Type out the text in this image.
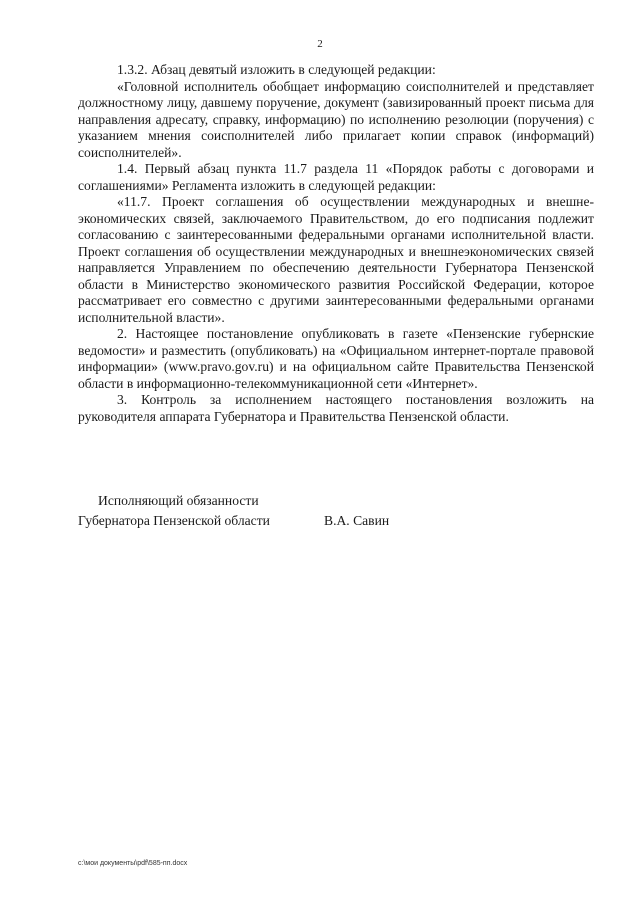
2

1.3.2. Абзац девятый изложить в следующей редакции:

«Головной исполнитель обобщает информацию соисполнителей и представляет должностному лицу, давшему поручение, документ (завизированный проект письма для направления адресату, справку, информацию) по исполнению резолюции (поручения) с указанием мнения соисполнителей либо прилагает копии справок (информаций) соисполнителей».

1.4. Первый абзац пункта 11.7 раздела 11 «Порядок работы с договорами и соглашениями» Регламента изложить в следующей редакции:

«11.7. Проект соглашения об осуществлении международных и внешне-экономических связей, заключаемого Правительством, до его подписания подлежит согласованию с заинтересованными федеральными органами исполнительной власти. Проект соглашения об осуществлении международных и внешнеэкономических связей направляется Управлением по обеспечению деятельности Губернатора Пензенской области в Министерство экономического развития Российской Федерации, которое рассматривает его совместно с другими заинтересованными федеральными органами исполнительной власти».

2. Настоящее постановление опубликовать в газете «Пензенские губернские ведомости» и разместить (опубликовать) на «Официальном интернет-портале правовой информации» (www.pravo.gov.ru) и на официальном сайте Правительства Пензенской области в информационно-телекоммуникационной сети «Интернет».

3. Контроль за исполнением настоящего постановления возложить на руководителя аппарата Губернатора и Правительства Пензенской области.

Исполняющий обязанности
Губернатора Пензенской области	В.А. Савин
c:\мои документы\pdf\585-пп.docx
